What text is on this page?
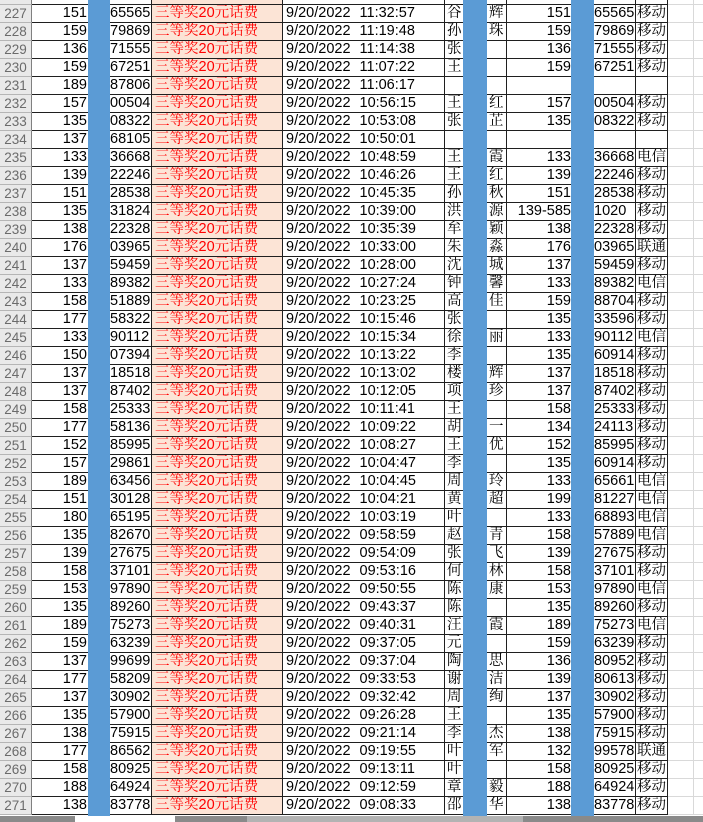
227	151 65565 三等奖20元话费	9/20/2022 11:32:57 谷 辉	151 65565 移动
228	159 79869 三等奖20元话费	9/20/2022 11:19:48 孙 珠	159 79869 移动
229	136 71555 三等奖20元话费	9/20/2022 11:14:38 张	136 71555 移动
230	159 67251 三等奖20元话费	9/20/2022 11:07:22 王	159 67251 移动
231	189 87806 三等奖20元话费	9/20/2022 11:06:17
232	157 00504 三等奖20元话费	9/20/2022 10:56:15 王 红	157 00504 移动
233	135 08322 三等奖20元话费	9/20/2022 10:53:08 张 芷	135 08322 移动
234	137 68105 三等奖20元话费	9/20/2022 10:50:01
235	133 36668 三等奖20元话费	9/20/2022 10:48:59 王 霞	133 36668 电信
236	139 22246 三等奖20元话费	9/20/2022 10:46:26 王 红	139 22246 移动
237	151 28538 三等奖20元话费	9/20/2022 10:45:35 孙 秋	151 28538 移动
238	135 31824 三等奖20元话费	9/20/2022 10:39:00 洪 源 139-585 1020 移动
239	138 22328 三等奖20元话费	9/20/2022 10:35:39 牟 颖	138 22328 移动
240	176 03965 三等奖20元话费	9/20/2022 10:33:00 朱 淼	176 03965 联通
241	137 59459 三等奖20元话费	9/20/2022 10:28:00 沈 城	137 59459 移动
242	133 89382 三等奖20元话费	9/20/2022 10:27:24 钟 馨	133 89382 电信
243	158 51889 三等奖20元话费	9/20/2022 10:23:25 高 佳	159 88704 移动
244	177 58322 三等奖20元话费	9/20/2022 10:15:46 张	135 33596 移动
245	133 90112 三等奖20元话费	9/20/2022 10:15:34 徐 丽	133 90112 电信
246	150 07394 三等奖20元话费	9/20/2022 10:13:22 李	135 60914 移动
247	137 18518 三等奖20元话费	9/20/2022 10:13:02 楼 辉	137 18518 移动
248	137 87402 三等奖20元话费	9/20/2022 10:12:05 项 珍	137 87402 移动
249	158 25333 三等奖20元话费	9/20/2022 10:11:41 王	158 25333 移动
250	177 58136 三等奖20元话费	9/20/2022 10:09:22 胡 一	134 24113 移动
251	152 85995 三等奖20元话费	9/20/2022 10:08:27 王 优	152 85995 移动
252	157 29861 三等奖20元话费	9/20/2022 10:04:47 李	135 60914 移动
253	189 63456 三等奖20元话费	9/20/2022 10:04:45 周 玲	133 65661 电信
254	151 30128 三等奖20元话费	9/20/2022 10:04:21 黄 超	199 81227 电信
255	180 65195 三等奖20元话费	9/20/2022 10:03:19 叶	133 68893 电信
256	135 82670 三等奖20元话费	9/20/2022 09:58:59 赵 青	158 57889 电信
257	139 27675 三等奖20元话费	9/20/2022 09:54:09 张 飞	139 27675 移动
258	158 37101 三等奖20元话费	9/20/2022 09:53:16 何 林	158 37101 移动
259	153 97890 三等奖20元话费	9/20/2022 09:50:55 陈 康	153 97890 电信
260	135 89260 三等奖20元话费	9/20/2022 09:43:37 陈	135 89260 移动
261	189 75273 三等奖20元话费	9/20/2022 09:40:31 汪 霞	189 75273 电信
262	159 63239 三等奖20元话费	9/20/2022 09:37:05 元	159 63239 移动
263	137 99699 三等奖20元话费	9/20/2022 09:37:04 陶 思	136 80952 移动
264	177 58209 三等奖20元话费	9/20/2022 09:33:53 谢 洁	139 80613 移动
265	137 30902 三等奖20元话费	9/20/2022 09:32:42 周 绚	137 30902 移动
266	135 57900 三等奖20元话费	9/20/2022 09:26:28 王	135 57900 移动
267	138 75915 三等奖20元话费	9/20/2022 09:21:14 李 杰	138 75915 移动
268	177 86562 三等奖20元话费	9/20/2022 09:19:55 叶 军	132 99578 联通
269	158 80925 三等奖20元话费	9/20/2022 09:13:11 叶	158 80925 移动
270	188 64924 三等奖20元话费	9/20/2022 09:12:59 章 毅	188 64924 移动
271	138 83778 三等奖20元话费	9/20/2022 09:08:33 邵 华	138 83778 移动
